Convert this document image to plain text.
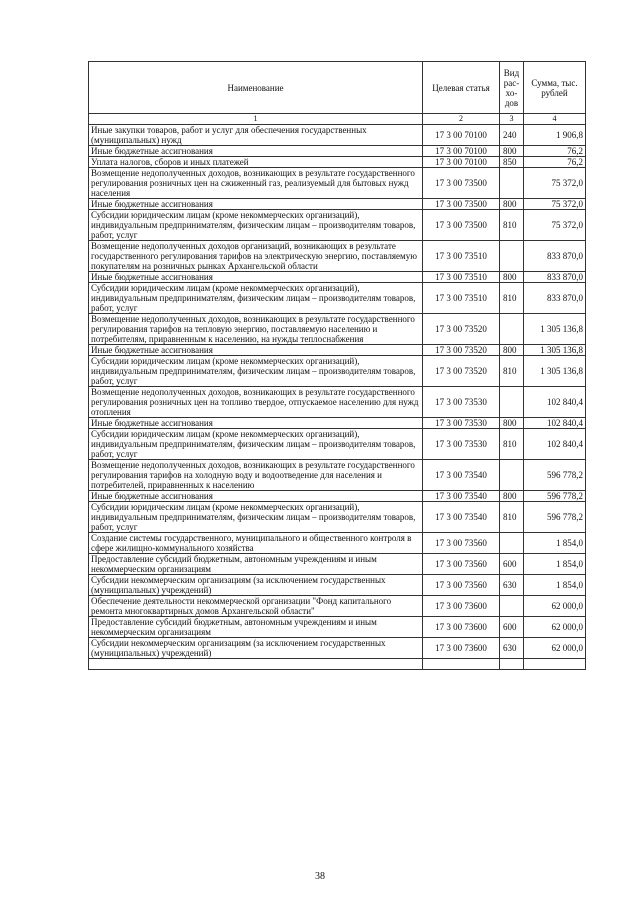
Наименование	Целевая статья	Вид рас- хо- дов	Сумма, тыс. рублей
1	2	3	4
Иные закупки товаров, работ и услуг для обеспечения государственных (муниципальных) нужд	17 3 00 70100	240	1 906,8
Иные бюджетные ассигнования	17 3 00 70100	800	76,2
Уплата налогов, сборов и иных платежей	17 3 00 70100	850	76,2
Возмещение недополученных доходов, возникающих в результате государственного регулирования розничных цен на сжиженный газ, реализуемый для бытовых нужд населения	17 3 00 73500		75 372,0
Иные бюджетные ассигнования	17 3 00 73500	800	75 372,0
Субсидии юридическим лицам (кроме некоммерческих организаций), индивидуальным предпринимателям, физическим лицам – производителям товаров, работ, услуг	17 3 00 73500	810	75 372,0
Возмещение недополученных доходов организаций, возникающих в результате государственного регулирования тарифов на электрическую энергию, поставляемую покупателям на розничных рынках Архангельской области	17 3 00 73510		833 870,0
Иные бюджетные ассигнования	17 3 00 73510	800	833 870,0
Субсидии юридическим лицам (кроме некоммерческих организаций), индивидуальным предпринимателям, физическим лицам – производителям товаров, работ, услуг	17 3 00 73510	810	833 870,0
Возмещение недополученных доходов, возникающих в результате государственного регулирования тарифов на тепловую энергию, поставляемую населению и потребителям, приравненным к населению, на нужды теплоснабжения	17 3 00 73520		1 305 136,8
Иные бюджетные ассигнования	17 3 00 73520	800	1 305 136,8
Субсидии юридическим лицам (кроме некоммерческих организаций), индивидуальным предпринимателям, физическим лицам – производителям товаров, работ, услуг	17 3 00 73520	810	1 305 136,8
Возмещение недополученных доходов, возникающих в результате государственного регулирования розничных цен на топливо твердое, отпускаемое населению для нужд отопления	17 3 00 73530		102 840,4
Иные бюджетные ассигнования	17 3 00 73530	800	102 840,4
Субсидии юридическим лицам (кроме некоммерческих организаций), индивидуальным предпринимателям, физическим лицам – производителям товаров, работ, услуг	17 3 00 73530	810	102 840,4
Возмещение недополученных доходов, возникающих в результате государственного регулирования тарифов на холодную воду и водоотведение для населения и потребителей, приравненных к населению	17 3 00 73540		596 778,2
Иные бюджетные ассигнования	17 3 00 73540	800	596 778,2
Субсидии юридическим лицам (кроме некоммерческих организаций), индивидуальным предпринимателям, физическим лицам – производителям товаров, работ, услуг	17 3 00 73540	810	596 778,2
Создание системы государственного, муниципального и общественного контроля в сфере жилищно-коммунального хозяйства	17 3 00 73560		1 854,0
Предоставление субсидий бюджетным, автономным учреждениям и иным некоммерческим организациям	17 3 00 73560	600	1 854,0
Субсидии некоммерческим организациям (за исключением государственных (муниципальных) учреждений)	17 3 00 73560	630	1 854,0
Обеспечение деятельности некоммерческой организации "Фонд капитального ремонта многоквартирных домов Архангельской области"	17 3 00 73600		62 000,0
Предоставление субсидий бюджетным, автономным учреждениям и иным некоммерческим организациям	17 3 00 73600	600	62 000,0
Субсидии некоммерческим организациям (за исключением государственных (муниципальных) учреждений)	17 3 00 73600	630	62 000,0

38
